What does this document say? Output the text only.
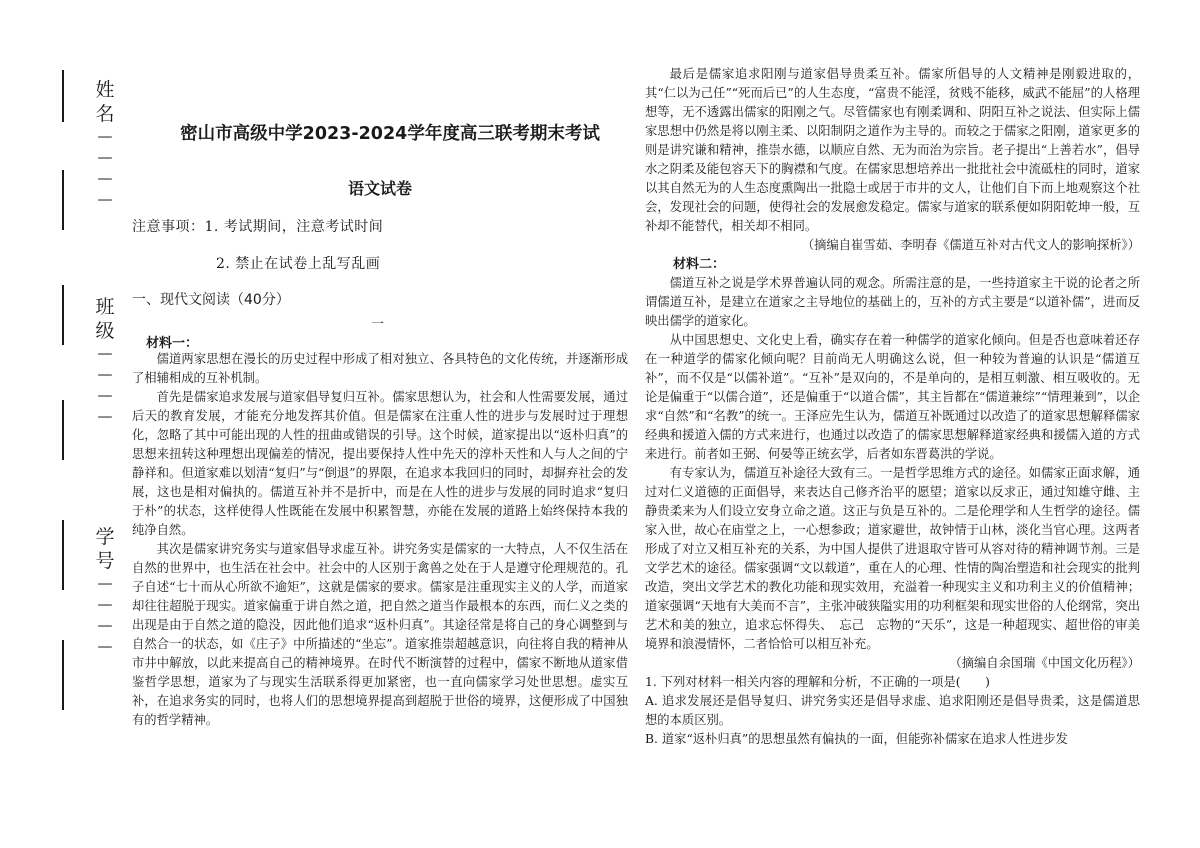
姓名
—
—
—
—
班级
—
—
—
—
学号
—
—
—
—
密山市高级中学2023-2024学年度高三联考期末考试
语文试卷
注意事项：1. 考试期间，注意考试时间
2. 禁止在试卷上乱写乱画
一、现代文阅读（40分）
一
材料一：

儒道两家思想在漫长的历史过程中形成了相对独立、各具特色的文化传统，并逐渐形成了相辅相成的互补机制。

首先是儒家追求发展与道家倡导复归互补。儒家思想认为，社会和人性需要发展，通过后天的教育发展，才能充分地发挥其价值。但是儒家在注重人性的进步与发展时过于理想化，忽略了其中可能出现的人性的扭曲或错误的引导。这个时候，道家提出以“返朴归真”的思想来扭转这种理想出现偏差的情况，提出要保持人性中先天的淳朴天性和人与人之间的宁静祥和。但道家难以划清“复归”与“倒退”的界限，在追求本我回归的同时，却摒弃社会的发展，这也是相对偏执的。儒道互补并不是折中，而是在人性的进步与发展的同时追求“复归于朴”的状态，这样使得人性既能在发展中积累智慧，亦能在发展的道路上始终保持本我的纯净自然。

其次是儒家讲究务实与道家倡导求虚互补。讲究务实是儒家的一大特点，人不仅生活在自然的世界中，也生活在社会中。社会中的人区别于禽兽之处在于人是遵守伦理规范的。孔子自述“七十而从心所欲不逾矩”，这就是儒家的要求。儒家是注重现实主义的人学，而道家却往往超脱于现实。道家偏重于讲自然之道，把自然之道当作最根本的东西，而仁义之类的出现是由于自然之道的隐没，因此他们追求“返朴归真”。其途径常是将自己的身心调整到与自然合一的状态，如《庄子》中所描述的“坐忘”。道家推崇超越意识，向往将自我的精神从市井中解放，以此来提高自己的精神境界。在时代不断演替的过程中，儒家不断地从道家借鉴哲学思想，道家为了与现实生活联系得更加紧密，也一直向儒家学习处世思想。虚实互补，在追求务实的同时，也将人们的思想境界提高到超脱于世俗的境界，这便形成了中国独有的哲学精神。

最后是儒家追求阳刚与道家倡导贵柔互补。儒家所倡导的人文精神是刚毅进取的，其“仁以为己任”“死而后已”的人生态度，“富贵不能淫，贫贱不能移，威武不能屈”的人格理想等，无不透露出儒家的阳刚之气。尽管儒家也有刚柔调和、阴阳互补之说法、但实际上儒家思想中仍然是将以刚主柔、以阳制阴之道作为主导的。而较之于儒家之阳刚，道家更多的则是讲究谦和精神，推崇水德，以顺应自然、无为而治为宗旨。老子提出“上善若水”，倡导水之阴柔及能包容天下的胸襟和气度。在儒家思想培养出一批批社会中流砥柱的同时，道家以其自然无为的人生态度熏陶出一批隐士或居于市井的文人，让他们自下而上地观察这个社会，发现社会的问题，使得社会的发展愈发稳定。儒家与道家的联系便如阴阳乾坤一般，互补却不能替代，相关却不相同。

（摘编自崔雪茹、李明春《儒道互补对古代文人的影响探析》）

材料二：

儒道互补之说是学术界普遍认同的观念。所需注意的是，一些持道家主干说的论者之所谓儒道互补，是建立在道家之主导地位的基础上的，互补的方式主要是“以道补儒”，进而反映出儒学的道家化。

从中国思想史、文化史上看，确实存在着一种儒学的道家化倾向。但是否也意味着还存在一种道学的儒家化倾向呢？目前尚无人明确这么说，但一种较为普遍的认识是“儒道互补”，而不仅是“以儒补道”。“互补”是双向的，不是单向的，是相互刺激、相互吸收的。无论是偏重于“以儒合道”，还是偏重于“以道合儒”，其主旨都在“儒道兼综”“情理兼到”，以企求“自然”和“名教”的统一。王泽应先生认为，儒道互补既通过以改造了的道家思想解释儒家经典和援道入儒的方式来进行，也通过以改造了的儒家思想解释道家经典和援儒入道的方式来进行。前者如王弼、何晏等正统玄学，后者如东晋葛洪的学说。

有专家认为，儒道互补途径大致有三。一是哲学思维方式的途径。如儒家正面求解，通过对仁义道德的正面倡导，来表达自己修齐治平的愿望；道家以反求正，通过知雄守雌、主静贵柔来为人们设立安身立命之道。这正与负是互补的。二是伦理学和人生哲学的途径。儒家入世，故心在庙堂之上，一心想参政；道家避世，故钟情于山林，淡化当官心理。这两者形成了对立又相互补充的关系，为中国人提供了进退取守皆可从容对待的精神调节剂。三是文学艺术的途径。儒家强调“文以载道”，重在人的心理、性情的陶冶塑造和社会现实的批判改造，突出文学艺术的教化功能和现实效用，充溢着一种现实主义和功利主义的价值精神；道家强调“天地有大美而不言”，主张冲破狭隘实用的功利框架和现实世俗的人伦纲常，突出艺术和美的独立，追求忘怀得失、　忘己　忘物的“天乐”，这是一种超现实、超世俗的审美境界和浪漫情怀，二者恰恰可以相互补充。

（摘编自余国瑞《中国文化历程》）

1. 下列对材料一相关内容的理解和分析，不正确的一项是(　　)

A. 追求发展还是倡导复归、讲究务实还是倡导求虚、追求阳刚还是倡导贵柔，这是儒道思想的本质区别。

B. 道家“返朴归真”的思想虽然有偏执的一面，但能弥补儒家在追求人性进步发
